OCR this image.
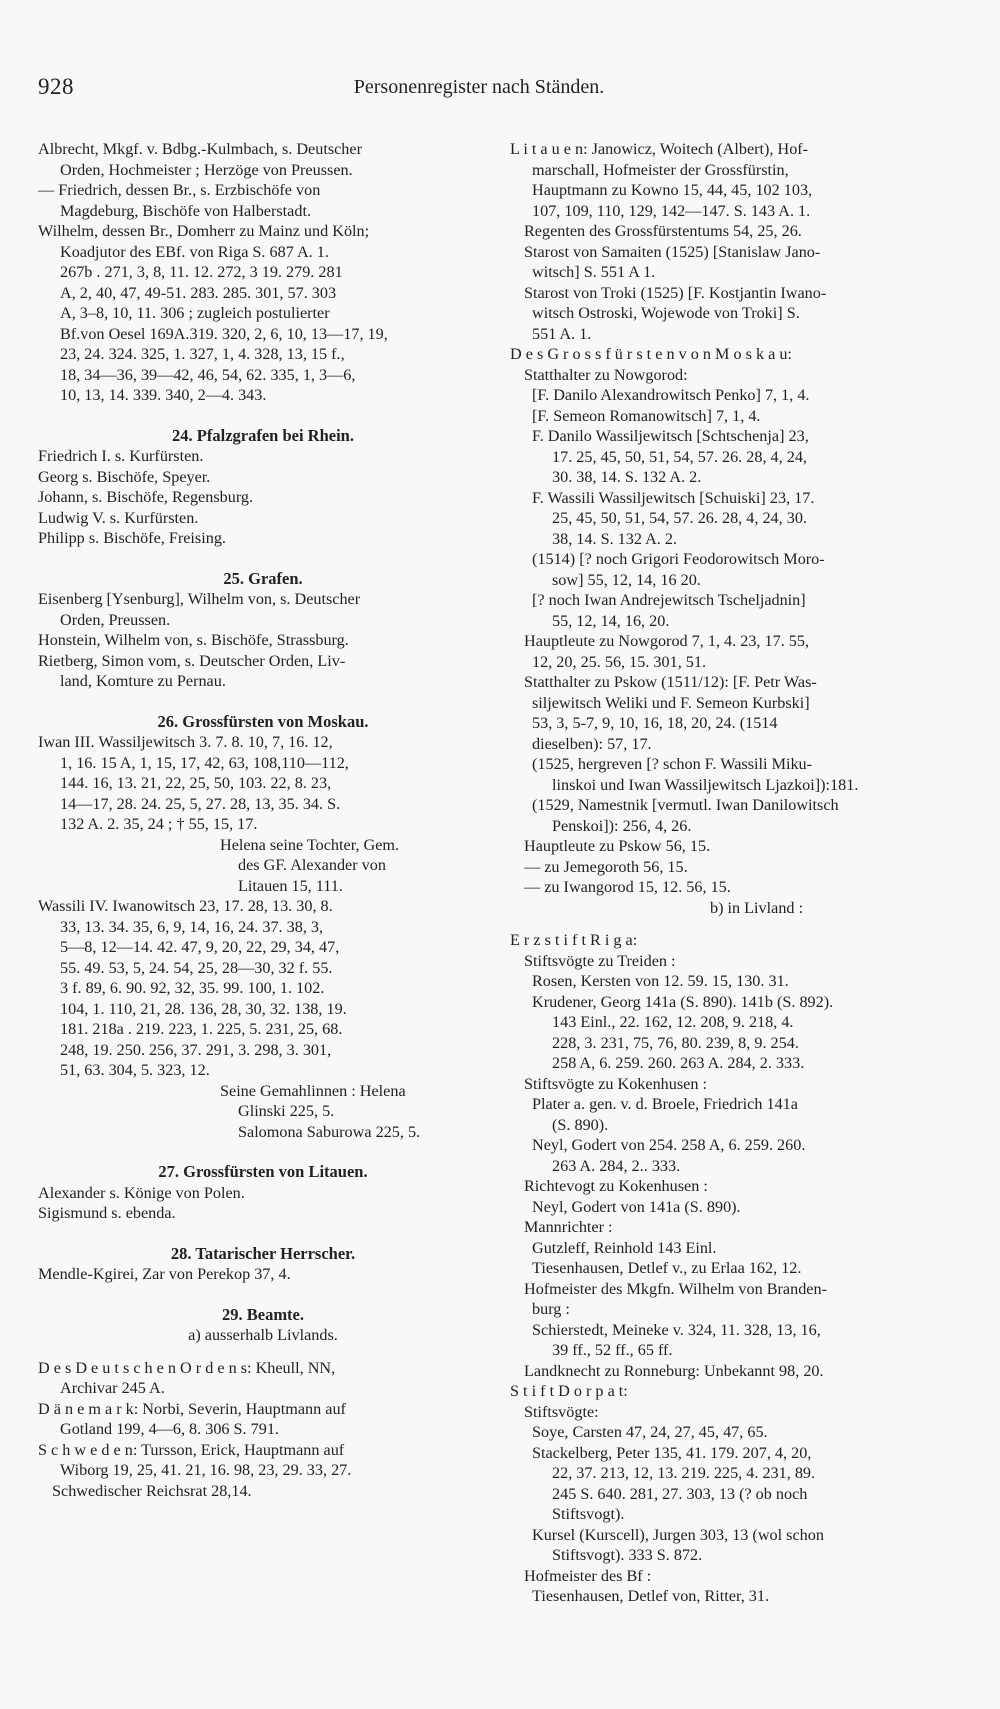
928	Personenregister nach Ständen.
Albrecht, Mkgf. v. Bdbg.-Kulmbach, s. Deutscher
Orden, Hochmeister ; Herzöge von Preussen.
— Friedrich, dessen Br., s. Erzbischöfe von
Magdeburg, Bischöfe von Halberstadt.
Wilhelm, dessen Br., Domherr zu Mainz und Köln;
Koadjutor des EBf. von Riga S. 687 A. 1.
267b . 271, 3, 8, 11. 12. 272, 3 19. 279. 281
A, 2, 40, 47, 49-51. 283. 285. 301, 57. 303
A, 3–8, 10, 11. 306 ; zugleich postulierter
Bf.von Oesel 169A.319. 320, 2, 6, 10, 13—17, 19,
23, 24. 324. 325, 1. 327, 1, 4. 328, 13, 15 f.,
18, 34—36, 39—42, 46, 54, 62. 335, 1, 3—6,
10, 13, 14. 339. 340, 2—4. 343.
24. Pfalzgrafen bei Rhein.
Friedrich I. s. Kurfürsten.
Georg s. Bischöfe, Speyer.
Johann, s. Bischöfe, Regensburg.
Ludwig V. s. Kurfürsten.
Philipp s. Bischöfe, Freising.
25. Grafen.
Eisenberg [Ysenburg], Wilhelm von, s. Deutscher
Orden, Preussen.
Honstein, Wilhelm von, s. Bischöfe, Strassburg.
Rietberg, Simon vom, s. Deutscher Orden, Liv-
land, Komture zu Pernau.
26. Grossfürsten von Moskau.
Iwan III. Wassiljewitsch 3. 7. 8. 10, 7, 16. 12,
1, 16. 15 A, 1, 15, 17, 42, 63, 108,110—112,
144. 16, 13. 21, 22, 25, 50, 103. 22, 8. 23,
14—17, 28. 24. 25, 5, 27. 28, 13, 35. 34. S.
132 A. 2. 35, 24 ; † 55, 15, 17.
Helena seine Tochter, Gem.
des GF. Alexander von
Litauen 15, 111.
Wassili IV. Iwanowitsch 23, 17. 28, 13. 30, 8.
33, 13. 34. 35, 6, 9, 14, 16, 24. 37. 38, 3,
5—8, 12—14. 42. 47, 9, 20, 22, 29, 34, 47,
55. 49. 53, 5, 24. 54, 25, 28—30, 32 f. 55.
3 f. 89, 6. 90. 92, 32, 35. 99. 100, 1. 102.
104, 1. 110, 21, 28. 136, 28, 30, 32. 138, 19.
181. 218a . 219. 223, 1. 225, 5. 231, 25, 68.
248, 19. 250. 256, 37. 291, 3. 298, 3. 301,
51, 63. 304, 5. 323, 12.
Seine Gemahlinnen : Helena
Glinski 225, 5.
Salomona Saburowa 225, 5.
27. Grossfürsten von Litauen.
Alexander s. Könige von Polen.
Sigismund s. ebenda.
28. Tatarischer Herrscher.
Mendle-Kgirei, Zar von Perekop 37, 4.
29. Beamte.
a) ausserhalb Livlands.
D e s D e u t s c h e n O r d e n s: Kheull, NN,
Archivar 245 A.
D ä n e m a r k: Norbi, Severin, Hauptmann auf
Gotland 199, 4—6, 8. 306 S. 791.
S c h w e d e n: Tursson, Erick, Hauptmann auf
Wiborg 19, 25, 41. 21, 16. 98, 23, 29. 33, 27.
Schwedischer Reichsrat 28,14.
L i t a u e n: Janowicz, Woitech (Albert), Hof-
marschall, Hofmeister der Grossfürstin,
Hauptmann zu Kowno 15, 44, 45, 102 103,
107, 109, 110, 129, 142—147. S. 143 A. 1.
Regenten des Grossfürstentums 54, 25, 26.
Starost von Samaiten (1525) [Stanislaw Jano-
witsch] S. 551 A 1.
Starost von Troki (1525) [F. Kostjantin Iwano-
witsch Ostroski, Wojewode von Troki] S.
551 A. 1.
D e s G r o s s f ü r s t e n v o n M o s k a u:
Statthalter zu Nowgorod:
[F. Danilo Alexandrowitsch Penko] 7, 1, 4.
[F. Semeon Romanowitsch] 7, 1, 4.
F. Danilo Wassiljewitsch [Schtschenja] 23,
17. 25, 45, 50, 51, 54, 57. 26. 28, 4, 24,
30. 38, 14. S. 132 A. 2.
F. Wassili Wassiljewitsch [Schuiski] 23, 17.
25, 45, 50, 51, 54, 57. 26. 28, 4, 24, 30.
38, 14. S. 132 A. 2.
(1514) [? noch Grigori Feodorowitsch Moro-
sow] 55, 12, 14, 16 20.
[? noch Iwan Andrejewitsch Tscheljadnin]
55, 12, 14, 16, 20.
Hauptleute zu Nowgorod 7, 1, 4. 23, 17. 55,
12, 20, 25. 56, 15. 301, 51.
Statthalter zu Pskow (1511/12): [F. Petr Was-
siljewitsch Weliki und F. Semeon Kurbski]
53, 3, 5-7, 9, 10, 16, 18, 20, 24. (1514
dieselben): 57, 17.
(1525, hergreven [? schon F. Wassili Miku-
linskoi und Iwan Wassiljewitsch Ljazkoi]):181.
(1529, Namestnik [vermutl. Iwan Danilowitsch
Penskoi]): 256, 4, 26.
Hauptleute zu Pskow 56, 15.
— zu Jemegoroth 56, 15.
— zu Iwangorod 15, 12. 56, 15.
b) in Livland :
E r z s t i f t R i g a:
Stiftsvögte zu Treiden :
Rosen, Kersten von 12. 59. 15, 130. 31.
Krudener, Georg 141a (S. 890). 141b (S. 892).
143 Einl., 22. 162, 12. 208, 9. 218, 4.
228, 3. 231, 75, 76, 80. 239, 8, 9. 254.
258 A, 6. 259. 260. 263 A. 284, 2. 333.
Stiftsvögte zu Kokenhusen :
Plater a. gen. v. d. Broele, Friedrich 141a
(S. 890).
Neyl, Godert von 254. 258 A, 6. 259. 260.
263 A. 284, 2.. 333.
Richtevogt zu Kokenhusen :
Neyl, Godert von 141a (S. 890).
Mannrichter :
Gutzleff, Reinhold 143 Einl.
Tiesenhausen, Detlef v., zu Erlaa 162, 12.
Hofmeister des Mkgfn. Wilhelm von Branden-
burg :
Schierstedt, Meineke v. 324, 11. 328, 13, 16,
39 ff., 52 ff., 65 ff.
Landknecht zu Ronneburg: Unbekannt 98, 20.
S t i f t D o r p a t:
Stiftsvögte:
Soye, Carsten 47, 24, 27, 45, 47, 65.
Stackelberg, Peter 135, 41. 179. 207, 4, 20,
22, 37. 213, 12, 13. 219. 225, 4. 231, 89.
245 S. 640. 281, 27. 303, 13 (? ob noch
Stiftsvogt).
Kursel (Kurscell), Jurgen 303, 13 (wol schon
Stiftsvogt). 333 S. 872.
Hofmeister des Bf :
Tiesenhausen, Detlef von, Ritter, 31.
